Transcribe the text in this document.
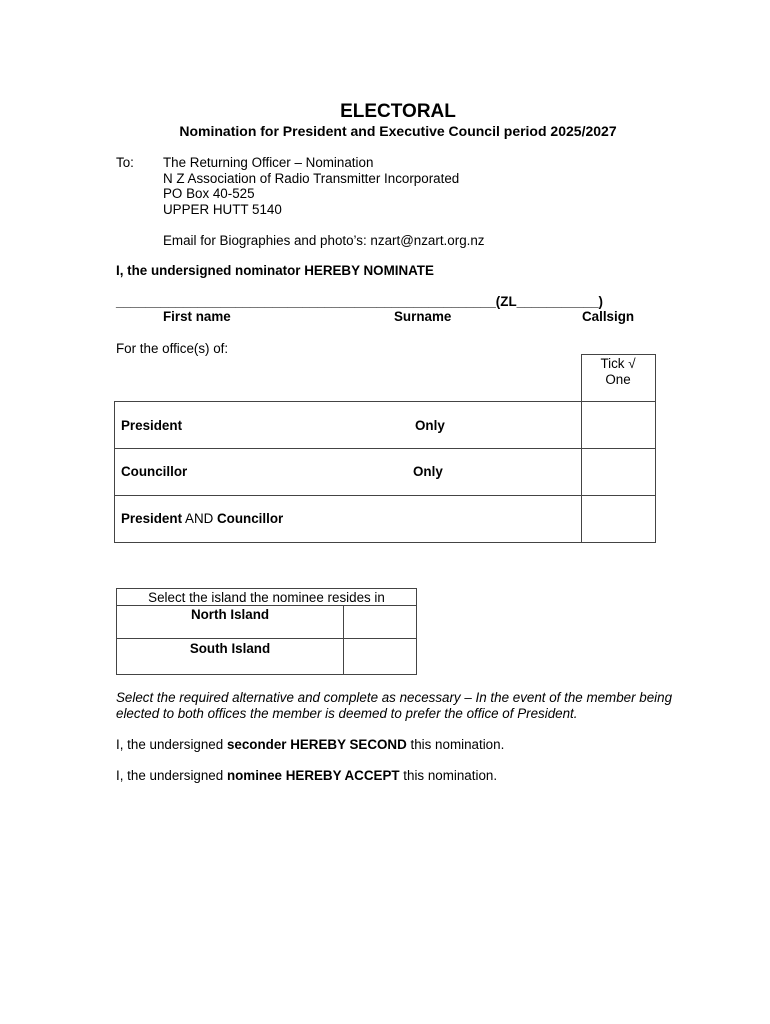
ELECTORAL
Nomination for President and Executive Council period 2025/2027
To: The Returning Officer – Nomination
N Z Association of Radio Transmitter Incorporated
PO Box 40-525
UPPER HUTT 5140
Email for Biographies and photo’s: nzart@nzart.org.nz
I, the undersigned nominator HEREBY NOMINATE
___________________________________________________(ZL___________)
First name	Surname	Callsign
For the office(s) of:
Tick √
One
President	Only
Councillor	Only
President AND Councillor
Select the island the nominee resides in
North Island
South Island
Select the required alternative and complete as necessary – In the event of the member being elected to both offices the member is deemed to prefer the office of President.
I, the undersigned seconder HEREBY SECOND this nomination.
I, the undersigned nominee HEREBY ACCEPT this nomination.
